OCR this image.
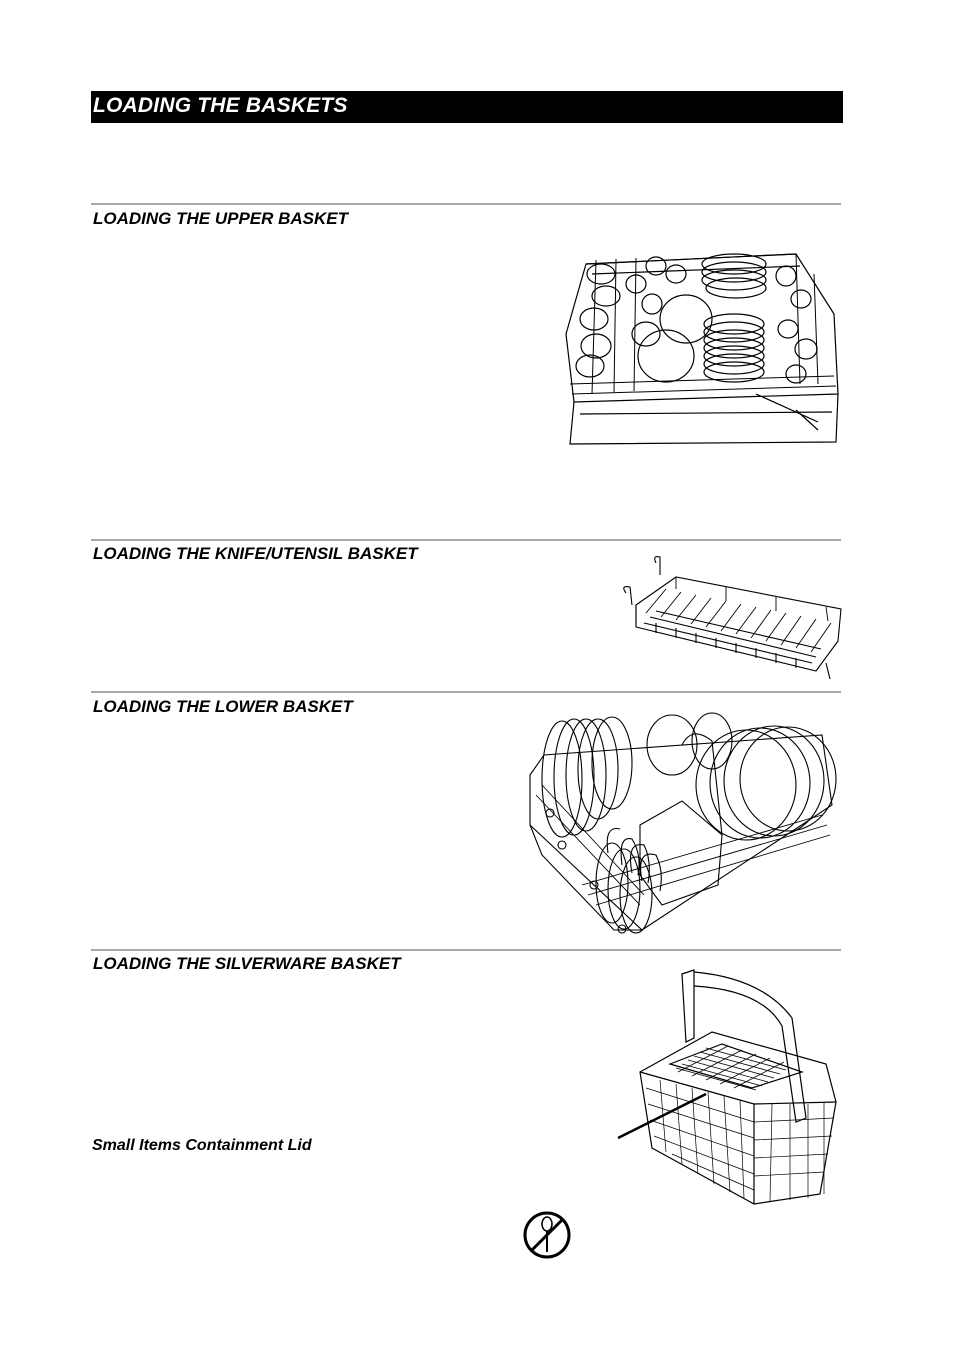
LOADING THE BASKETS
LOADING THE UPPER BASKET
LOADING THE KNIFE/UTENSIL BASKET
LOADING THE LOWER BASKET
LOADING THE SILVERWARE BASKET
Small Items Containment Lid
